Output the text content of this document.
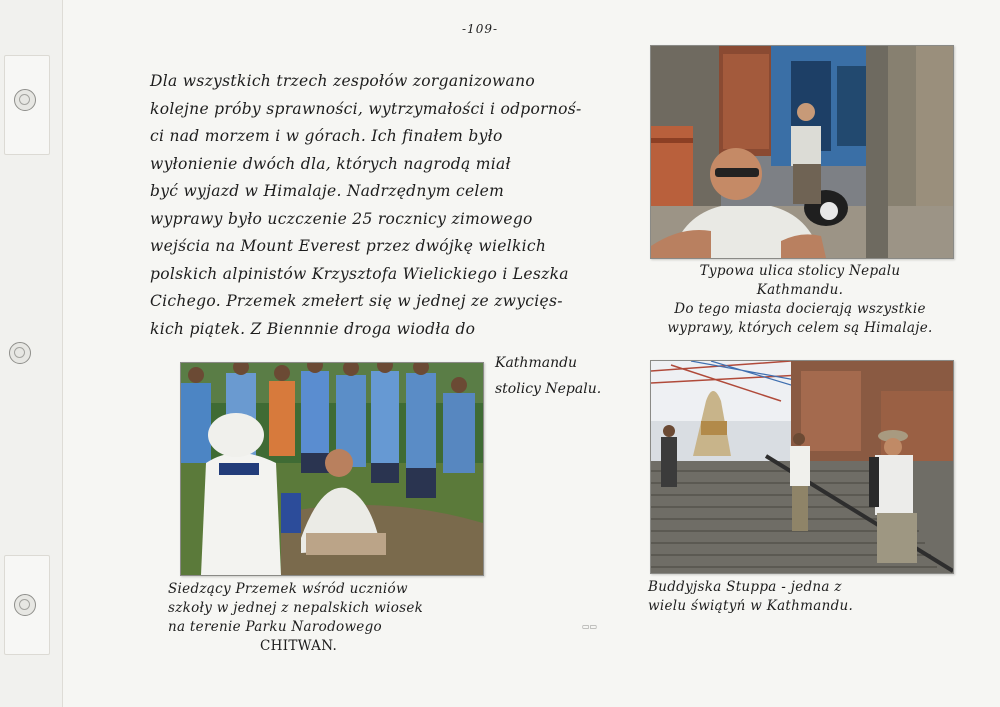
-109-
Dla wszystkich trzech zespołów zorganizowano
kolejne próby sprawności, wytrzymałości i odpornoś-
ci nad morzem i w górach. Ich finałem było
wyłonienie dwóch dla, których nagrodą miał
być wyjazd w Himalaje. Nadrzędnym celem
wyprawy było uczczenie 25 rocznicy zimowego
wejścia na Mount Everest przez dwójkę wielkich
polskich alpinistów Krzysztofa Wielickiego i Leszka
Cichego. Przemek zmełert się w jednej ze zwycięs-
kich piątek. Z Biennnie droga wiodła do
Kathmandu
stolicy Nepalu.
Typowa ulica stolicy Nepalu
Kathmandu.
Do tego miasta docierają wszystkie
wyprawy, których celem są Himalaje.
Siedzący Przemek wśród uczniów
szkoły w jednej z nepalskich wiosek
na terenie Parku Narodowego
CHITWAN.
Buddyjska Stuppa - jedna z
wielu świątyń w Kathmandu.
▭▭
